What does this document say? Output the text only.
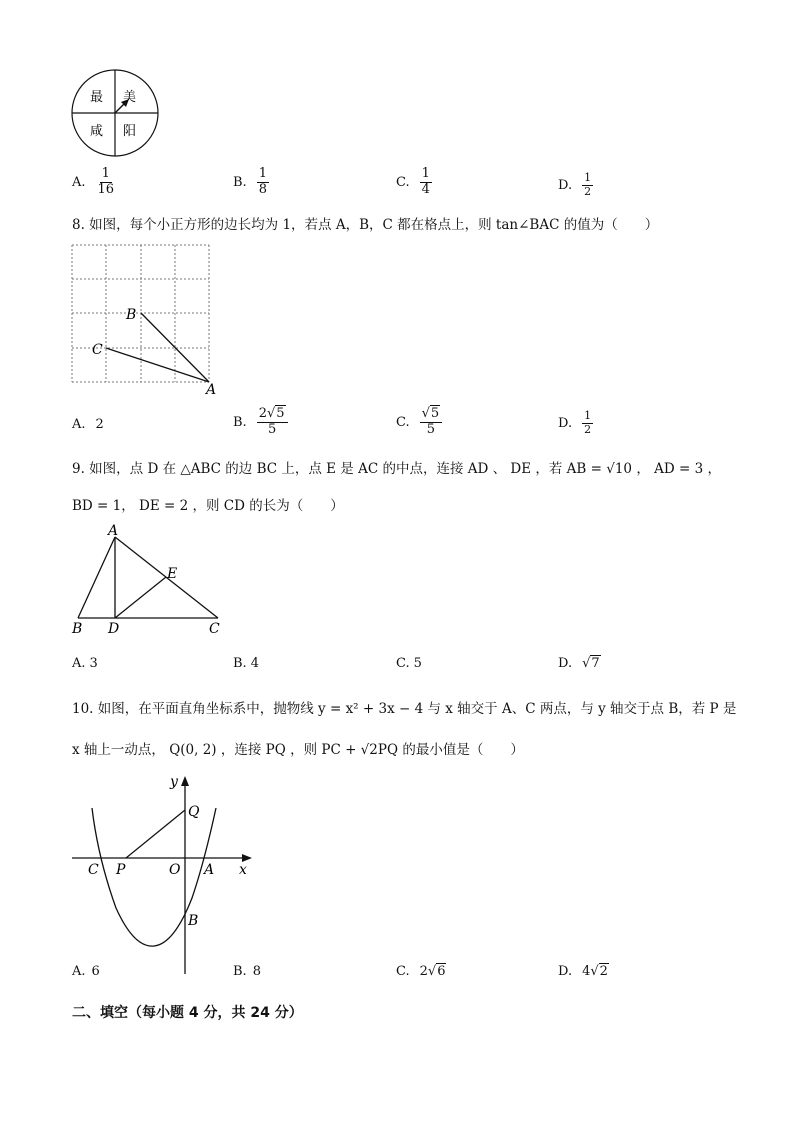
最 美
咸 阳
A. $\frac{1}{16}$	B. $\frac{1}{8}$	C. $\frac{1}{4}$	D. $\frac{1}{2}$
8. 如图，每个小正方形的边长均为 1，若点 A，B，C 都在格点上，则 tan∠BAC 的值为（　　）
B
C
A
A. 2	B. $\frac{2√5}{5}$	C. $\frac{√5}{5}$	D. $\frac{1}{2}$
9. 如图，点 D 在 △ABC 的边 BC 上，点 E 是 AC 的中点，连接 AD 、 DE ，若 AB = √10 ， AD = 3 ，
BD = 1， DE = 2 ，则 CD 的长为（　　）
A
E
B D	C
A. 3	B. 4	C. 5	D. √7
10. 如图，在平面直角坐标系中，抛物线 y = x² + 3x − 4 与 x 轴交于 A、C 两点，与 y 轴交于点 B，若 P 是
x 轴上一动点， Q(0, 2) ，连接 PQ ，则 PC + √2PQ 的最小值是（　　）
y
Q
x
C P	O A
B
A. 6	B. 8	C. 2√6	D. 4√2
二、填空（每小题 4 分，共 24 分）
